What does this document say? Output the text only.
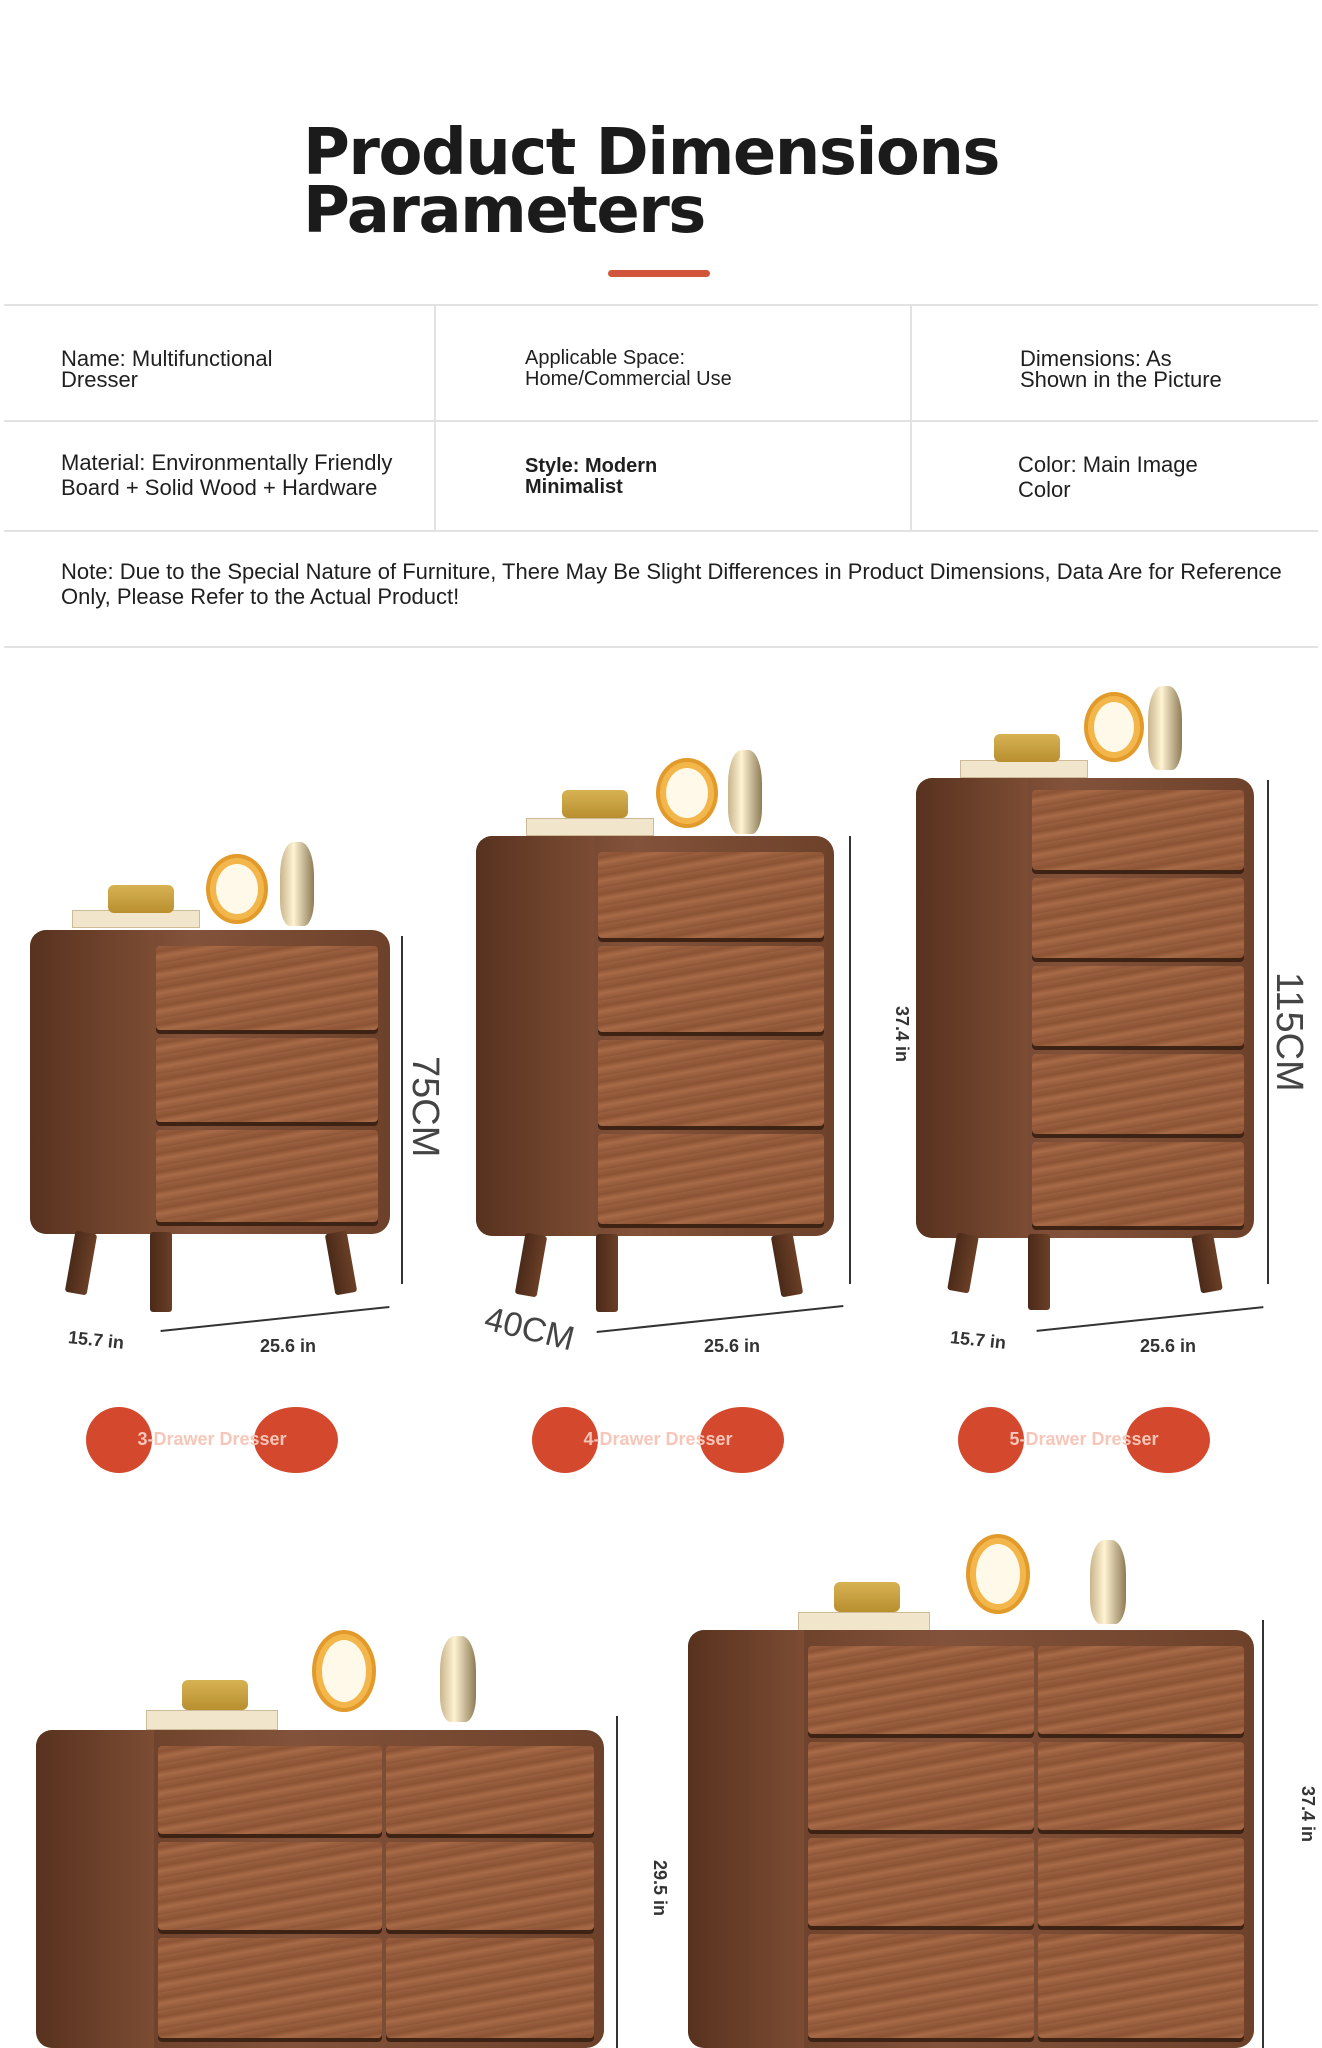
Product Dimensions
Parameters
Name: Multifunctional
Dresser
Applicable Space:
Home/Commercial Use
Dimensions: As
Shown in the Picture
Material: Environmentally Friendly
Board + Solid Wood + Hardware
Style: Modern
Minimalist
Color: Main Image
Color
Note: Due to the Special Nature of Furniture, There May Be Slight Differences in Product Dimensions, Data Are for Reference
Only, Please Refer to the Actual Product!
75CM
15.7 in	25.6 in
37.4 in
40CM	25.6 in
115CM
15.7 in	25.6 in
3-Drawer Dresser	4-Drawer Dresser	5-Drawer Dresser
29.5 in
37.4 in
